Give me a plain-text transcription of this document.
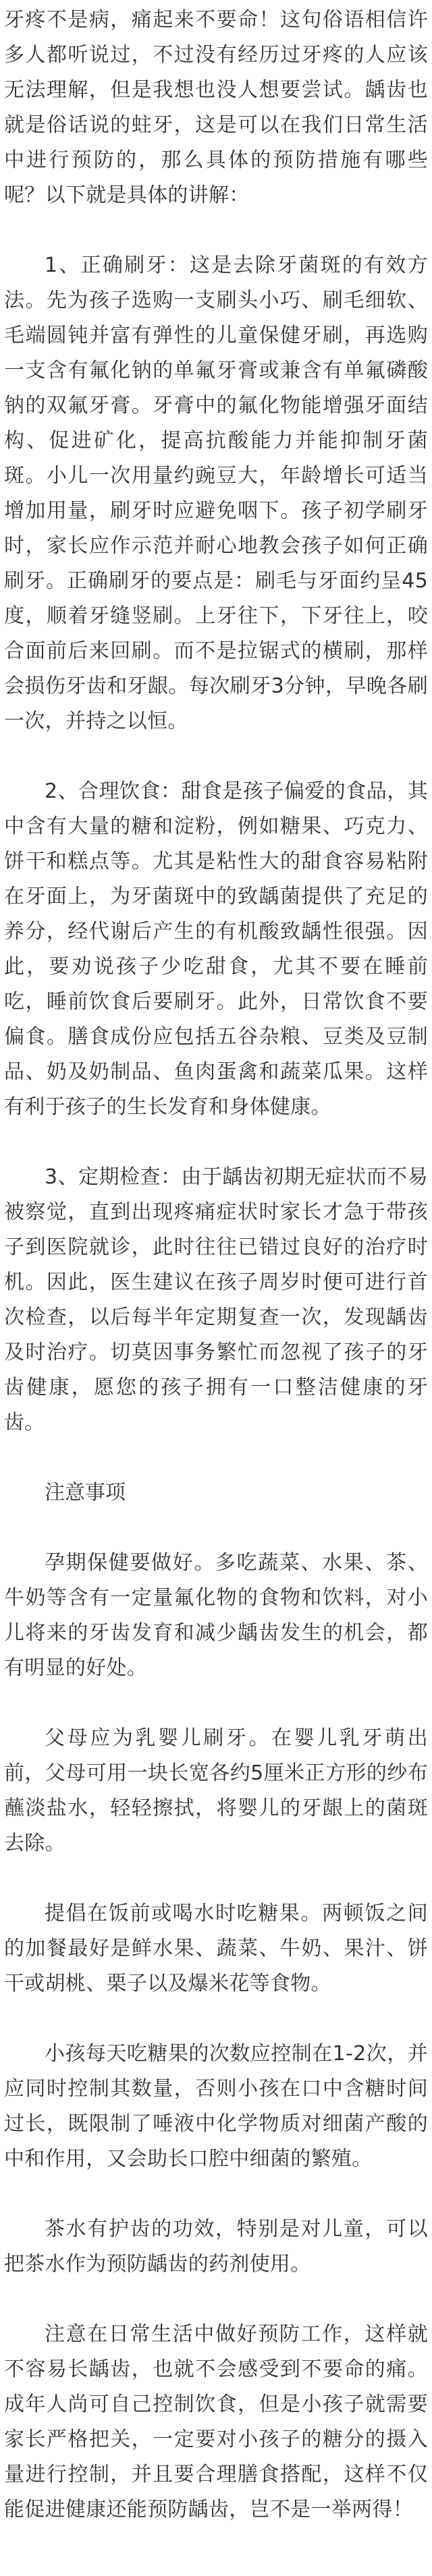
牙疼不是病，痛起来不要命！这句俗语相信许多人都听说过，不过没有经历过牙疼的人应该无法理解，但是我想也没人想要尝试。龋齿也就是俗话说的蛀牙，这是可以在我们日常生活中进行预防的，那么具体的预防措施有哪些呢？以下就是具体的讲解：

1、正确刷牙：这是去除牙菌斑的有效方法。先为孩子选购一支刷头小巧、刷毛细软、毛端圆钝并富有弹性的儿童保健牙刷，再选购一支含有氟化钠的单氟牙膏或兼含有单氟磷酸钠的双氟牙膏。牙膏中的氟化物能增强牙面结构、促进矿化，提高抗酸能力并能抑制牙菌斑。小儿一次用量约豌豆大，年龄增长可适当增加用量，刷牙时应避免咽下。孩子初学刷牙时，家长应作示范并耐心地教会孩子如何正确刷牙。正确刷牙的要点是：刷毛与牙面约呈45度，顺着牙缝竖刷。上牙往下，下牙往上，咬合面前后来回刷。而不是拉锯式的横刷，那样会损伤牙齿和牙龈。每次刷牙3分钟，早晚各刷一次，并持之以恒。

2、合理饮食：甜食是孩子偏爱的食品，其中含有大量的糖和淀粉，例如糖果、巧克力、饼干和糕点等。尤其是粘性大的甜食容易粘附在牙面上，为牙菌斑中的致龋菌提供了充足的养分，经代谢后产生的有机酸致龋性很强。因此，要劝说孩子少吃甜食，尤其不要在睡前吃，睡前饮食后要刷牙。此外，日常饮食不要偏食。膳食成份应包括五谷杂粮、豆类及豆制品、奶及奶制品、鱼肉蛋禽和蔬菜瓜果。这样有利于孩子的生长发育和身体健康。

3、定期检查：由于龋齿初期无症状而不易被察觉，直到出现疼痛症状时家长才急于带孩子到医院就诊，此时往往已错过良好的治疗时机。因此，医生建议在孩子周岁时便可进行首次检查，以后每半年定期复查一次，发现龋齿及时治疗。切莫因事务繁忙而忽视了孩子的牙齿健康，愿您的孩子拥有一口整洁健康的牙齿。

注意事项

孕期保健要做好。多吃蔬菜、水果、茶、牛奶等含有一定量氟化物的食物和饮料，对小儿将来的牙齿发育和减少龋齿发生的机会，都有明显的好处。

父母应为乳婴儿刷牙。在婴儿乳牙萌出前，父母可用一块长宽各约5厘米正方形的纱布蘸淡盐水，轻轻擦拭，将婴儿的牙龈上的菌斑去除。

提倡在饭前或喝水时吃糖果。两顿饭之间的加餐最好是鲜水果、蔬菜、牛奶、果汁、饼干或胡桃、栗子以及爆米花等食物。

小孩每天吃糖果的次数应控制在1-2次，并应同时控制其数量，否则小孩在口中含糖时间过长，既限制了唾液中化学物质对细菌产酸的中和作用，又会助长口腔中细菌的繁殖。

茶水有护齿的功效，特别是对儿童，可以把茶水作为预防龋齿的药剂使用。

注意在日常生活中做好预防工作，这样就不容易长龋齿，也就不会感受到不要命的痛。成年人尚可自己控制饮食，但是小孩子就需要家长严格把关，一定要对小孩子的糖分的摄入量进行控制，并且要合理膳食搭配，这样不仅能促进健康还能预防龋齿，岂不是一举两得！
